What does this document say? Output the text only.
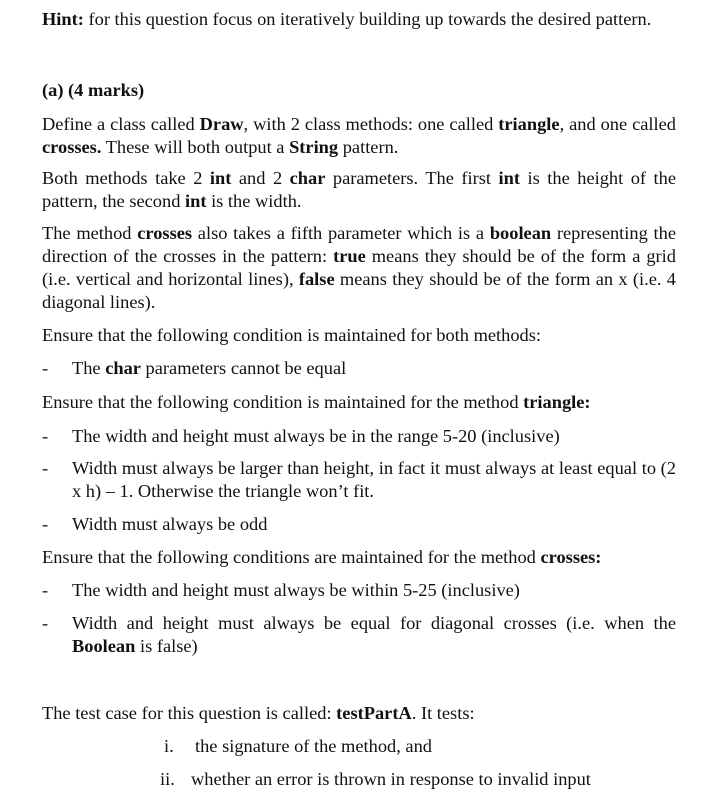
Hint: for this question focus on iteratively building up towards the desired pattern.
(a) (4 marks)
Define a class called Draw, with 2 class methods: one called triangle, and one called crosses. These will both output a String pattern.
Both methods take 2 int and 2 char parameters. The first int is the height of the pattern, the second int is the width.
The method crosses also takes a fifth parameter which is a boolean representing the direction of the crosses in the pattern: true means they should be of the form a grid (i.e. vertical and horizontal lines), false means they should be of the form an x (i.e. 4 diagonal lines).
Ensure that the following condition is maintained for both methods:
- The char parameters cannot be equal
Ensure that the following condition is maintained for the method triangle:
- The width and height must always be in the range 5-20 (inclusive)
- Width must always be larger than height, in fact it must always at least equal to (2 x h) – 1. Otherwise the triangle won’t fit.
- Width must always be odd
Ensure that the following conditions are maintained for the method crosses:
- The width and height must always be within 5-25 (inclusive)
- Width and height must always be equal for diagonal crosses (i.e. when the Boolean is false)
The test case for this question is called: testPartA. It tests:
i. the signature of the method, and
ii. whether an error is thrown in response to invalid input
